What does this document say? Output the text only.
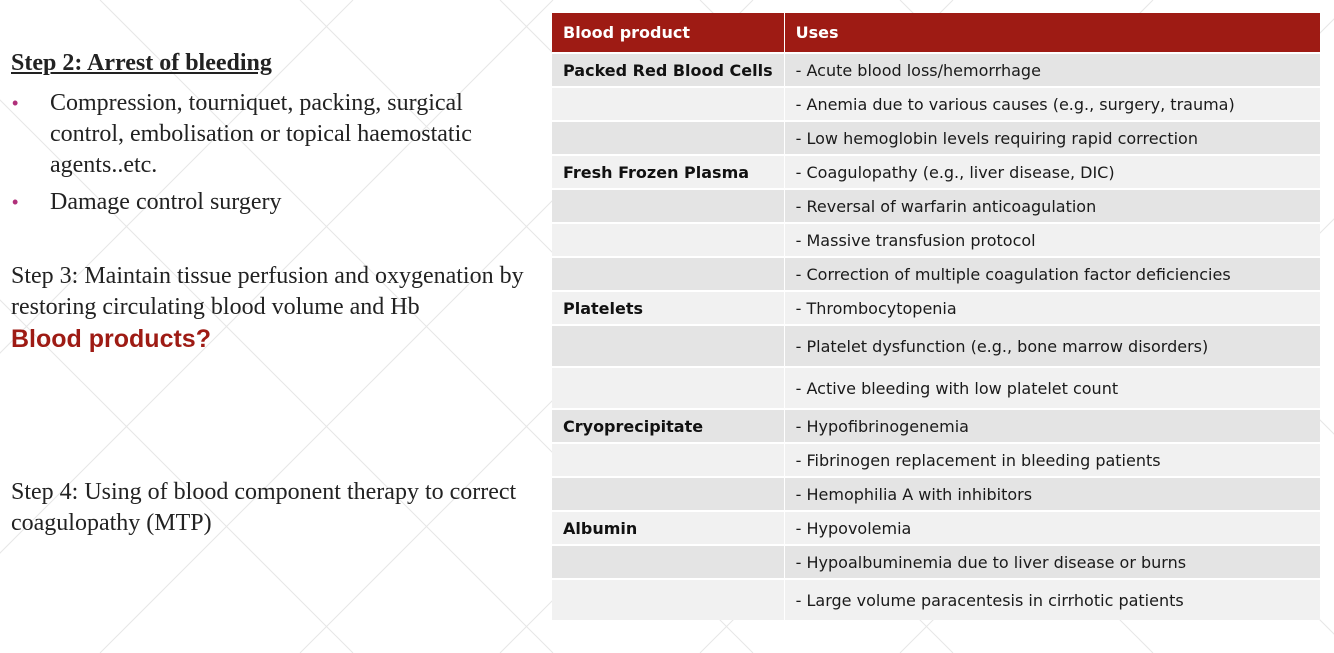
Step 2: Arrest of bleeding
• Compression, tourniquet, packing, surgical control, embolisation or topical haemostatic agents..etc.
• Damage control surgery
Step 3: Maintain tissue perfusion and oxygenation by restoring circulating blood volume and Hb
Blood products?
Step 4: Using of blood component therapy to correct coagulopathy (MTP)
Blood product	Uses
Packed Red Blood Cells	- Acute blood loss/hemorrhage
	- Anemia due to various causes (e.g., surgery, trauma)
	- Low hemoglobin levels requiring rapid correction
Fresh Frozen Plasma	- Coagulopathy (e.g., liver disease, DIC)
	- Reversal of warfarin anticoagulation
	- Massive transfusion protocol
	- Correction of multiple coagulation factor deficiencies
Platelets	- Thrombocytopenia
	- Platelet dysfunction (e.g., bone marrow disorders)
	- Active bleeding with low platelet count
Cryoprecipitate	- Hypofibrinogenemia
	- Fibrinogen replacement in bleeding patients
	- Hemophilia A with inhibitors
Albumin	- Hypovolemia
	- Hypoalbuminemia due to liver disease or burns
	- Large volume paracentesis in cirrhotic patients
